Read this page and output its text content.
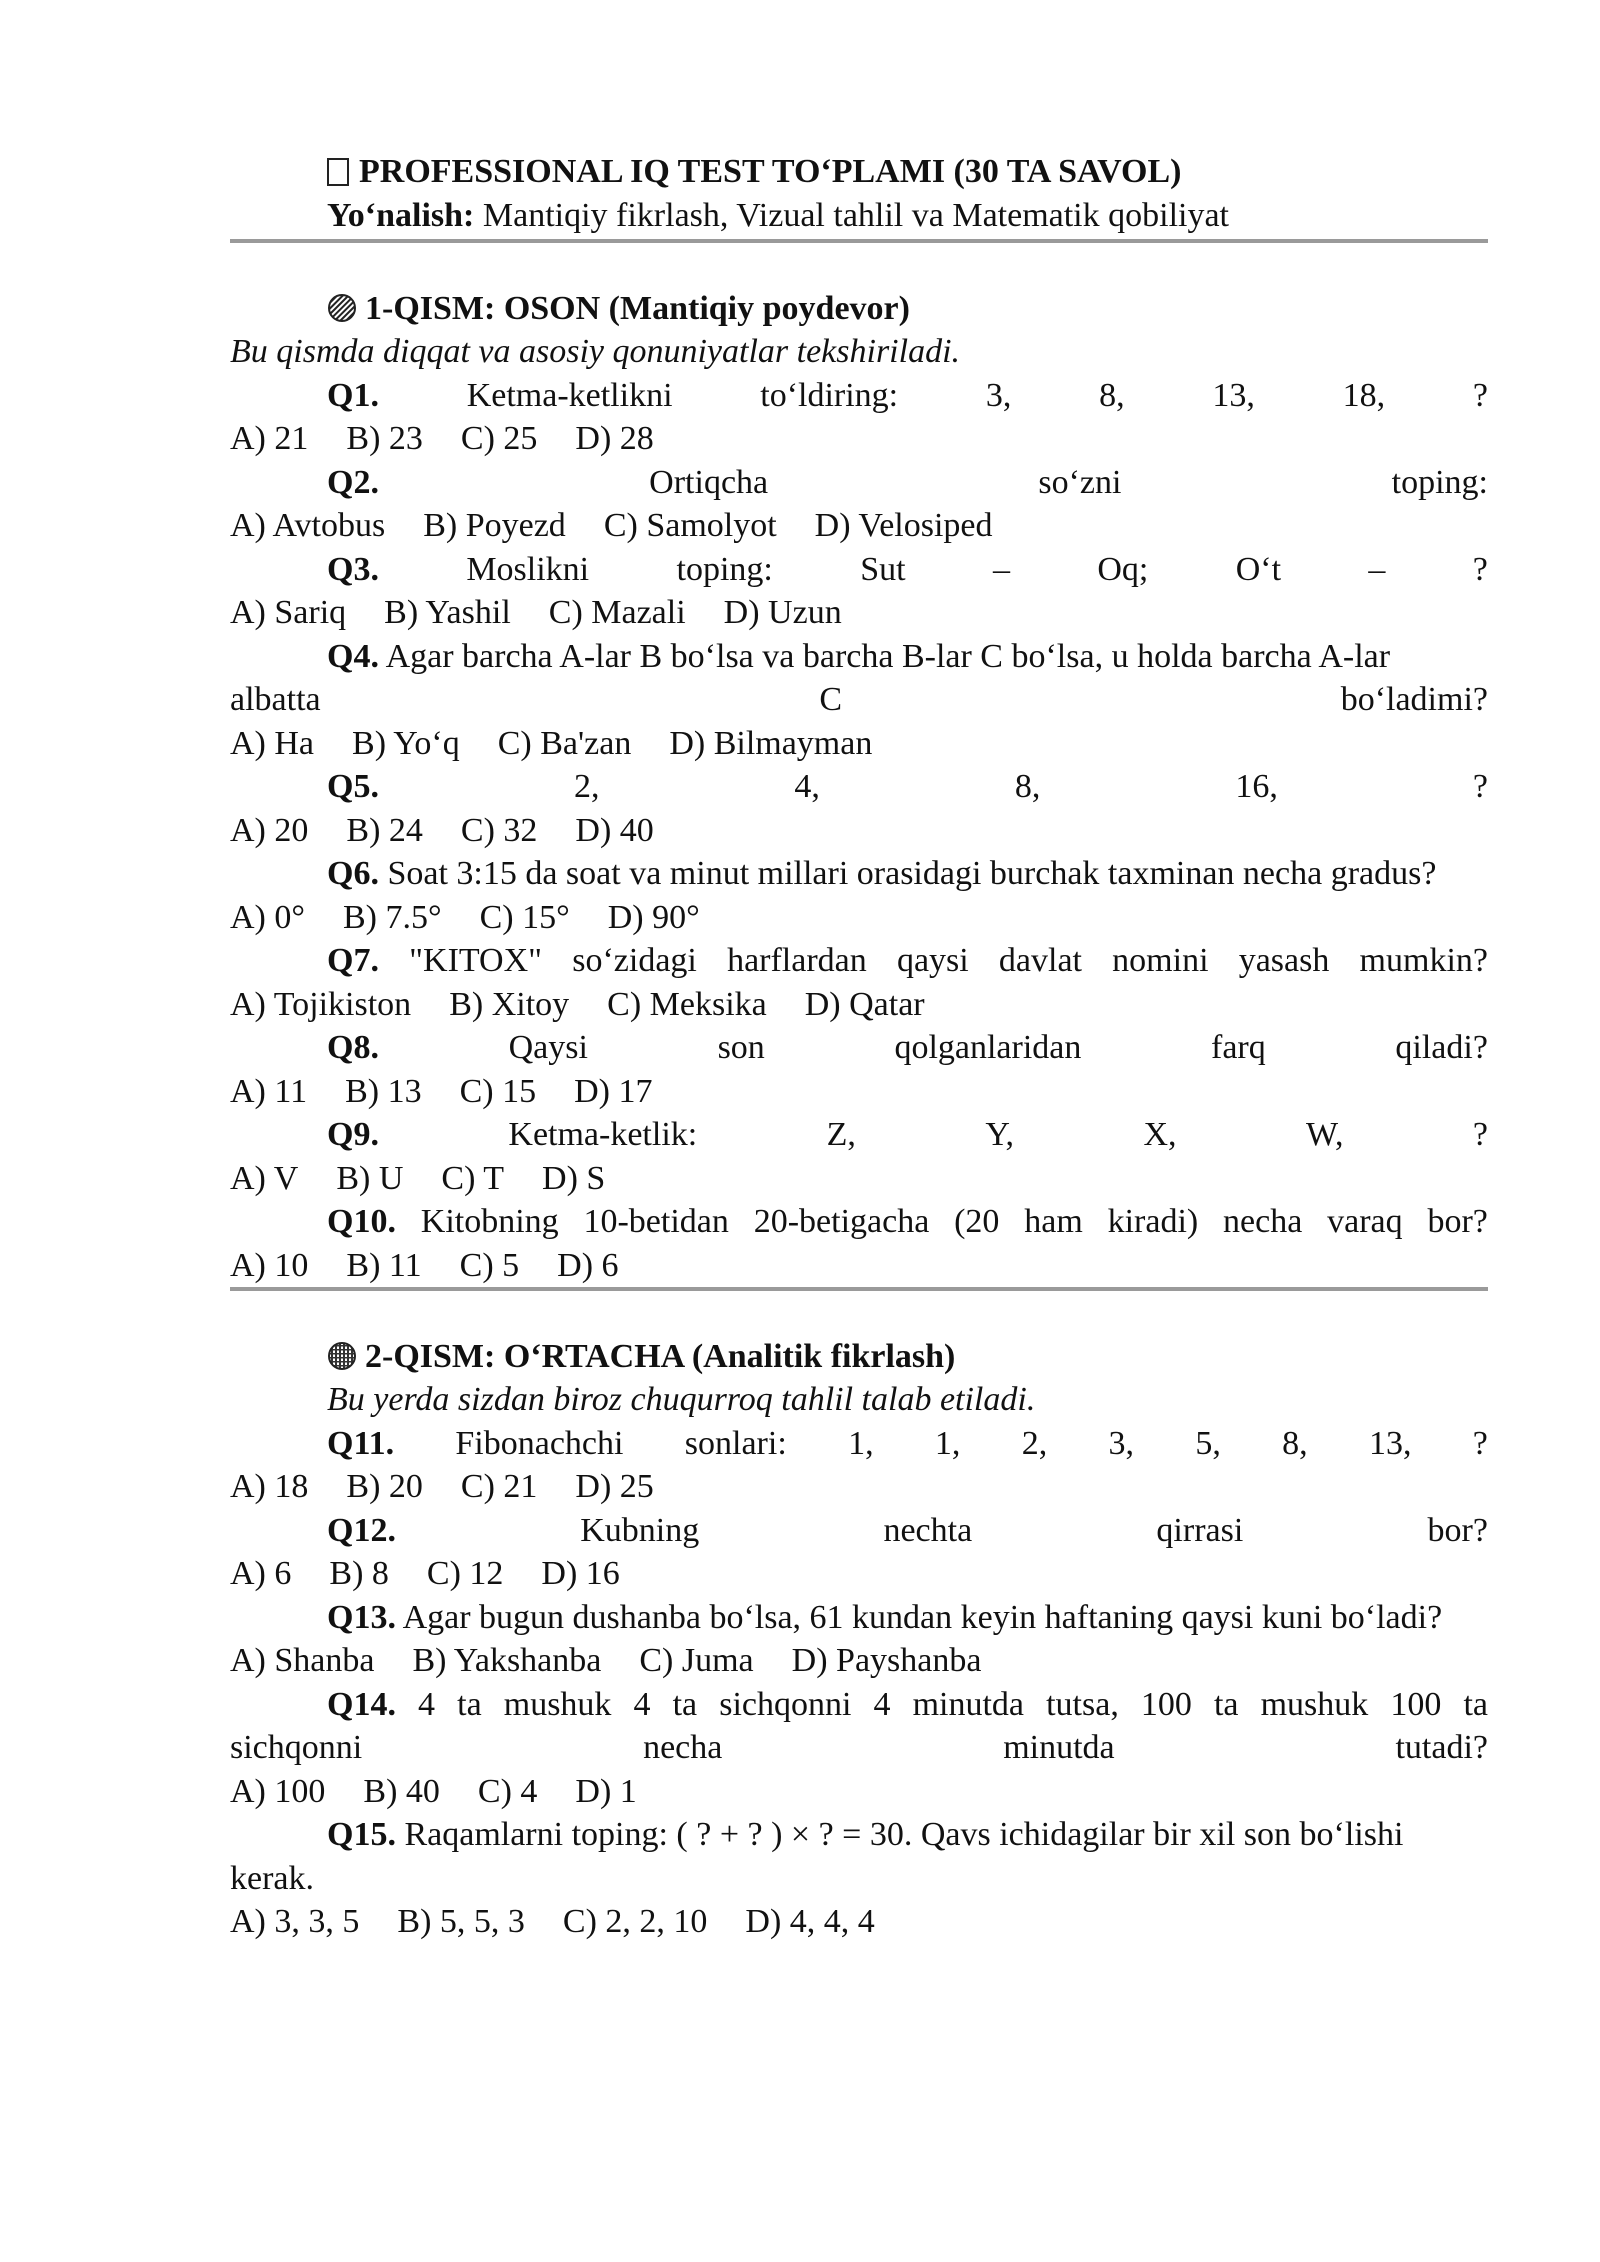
PROFESSIONAL IQ TEST TO‘PLAMI (30 TA SAVOL)
Yo‘nalish: Mantiqiy fikrlash, Vizual tahlil va Matematik qobiliyat
1-QISM: OSON (Mantiqiy poydevor)
Bu qismda diqqat va asosiy qonuniyatlar tekshiriladi.
Q1.	Ketma-ketlikni	to‘ldiring:	3,	8,	13,	18,	?
A) 21 B) 23 C) 25 D) 28
Q2.	Ortiqcha	so‘zni	toping:
A) Avtobus B) Poyezd C) Samolyot D) Velosiped
Q3.	Moslikni	toping:	Sut	–	Oq;	O‘t	–	?
A) Sariq B) Yashil C) Mazali D) Uzun
Q4. Agar barcha A-lar B bo‘lsa va barcha B-lar C bo‘lsa, u holda barcha A-lar
albatta	C	bo‘ladimi?
A) Ha B) Yo‘q C) Ba'zan D) Bilmayman
Q5.	2,	4,	8,	16,	?
A) 20 B) 24 C) 32 D) 40
Q6. Soat 3:15 da soat va minut millari orasidagi burchak taxminan necha gradus?
A) 0° B) 7.5° C) 15° D) 90°
Q7. "KITOX" so‘zidagi harflardan qaysi davlat nomini yasash mumkin?
A) Tojikiston B) Xitoy C) Meksika D) Qatar
Q8.	Qaysi	son	qolganlaridan	farq	qiladi?
A) 11 B) 13 C) 15 D) 17
Q9.	Ketma-ketlik:	Z,	Y,	X,	W,	?
A) V B) U C) T D) S
Q10. Kitobning 10-betidan 20-betigacha (20 ham kiradi) necha varaq bor?
A) 10 B) 11 C) 5 D) 6
2-QISM: O‘RTACHA (Analitik fikrlash)
Bu yerda sizdan biroz chuqurroq tahlil talab etiladi.
Q11. Fibonachchi sonlari: 1, 1, 2, 3, 5, 8, 13, ?
A) 18 B) 20 C) 21 D) 25
Q12.	Kubning	nechta	qirrasi	bor?
A) 6 B) 8 C) 12 D) 16
Q13. Agar bugun dushanba bo‘lsa, 61 kundan keyin haftaning qaysi kuni bo‘ladi?
A) Shanba B) Yakshanba C) Juma D) Payshanba
Q14. 4 ta mushuk 4 ta sichqonni 4 minutda tutsa, 100 ta mushuk 100 ta
sichqonni	necha	minutda	tutadi?
A) 100 B) 40 C) 4 D) 1
Q15. Raqamlarni toping: ( ? + ? ) × ? = 30. Qavs ichidagilar bir xil son bo‘lishi kerak.
A) 3, 3, 5 B) 5, 5, 3 C) 2, 2, 10 D) 4, 4, 4
